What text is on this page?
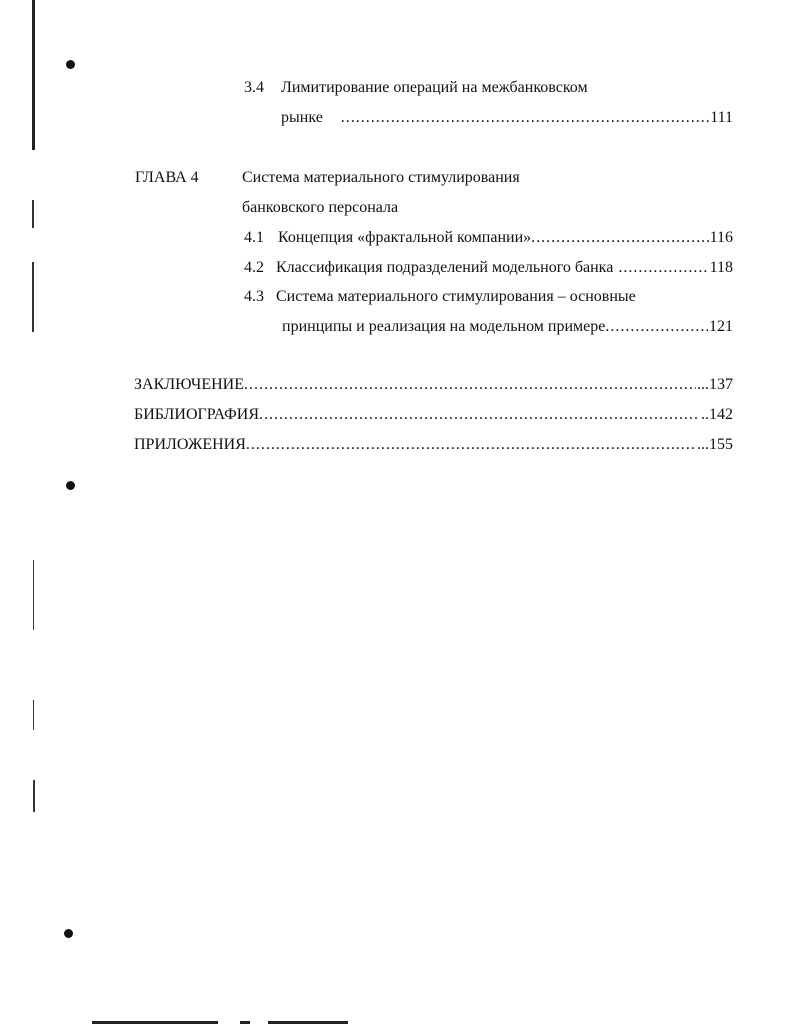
3.4 Лимитирование операций на межбанковском
рынке .....	111
ГЛАВА 4	Система материального стимулирования
банковского персонала
4.1 Концепция «фрактальной компании» .....	116
4.2 Классификация подразделений модельного банка .....	118
4.3 Система материального стимулирования – основные
принципы и реализация на модельном примере .....	121
ЗАКЛЮЧЕНИЕ .....	...137
БИБЛИОГРАФИЯ .....	..142
ПРИЛОЖЕНИЯ .....	...155
